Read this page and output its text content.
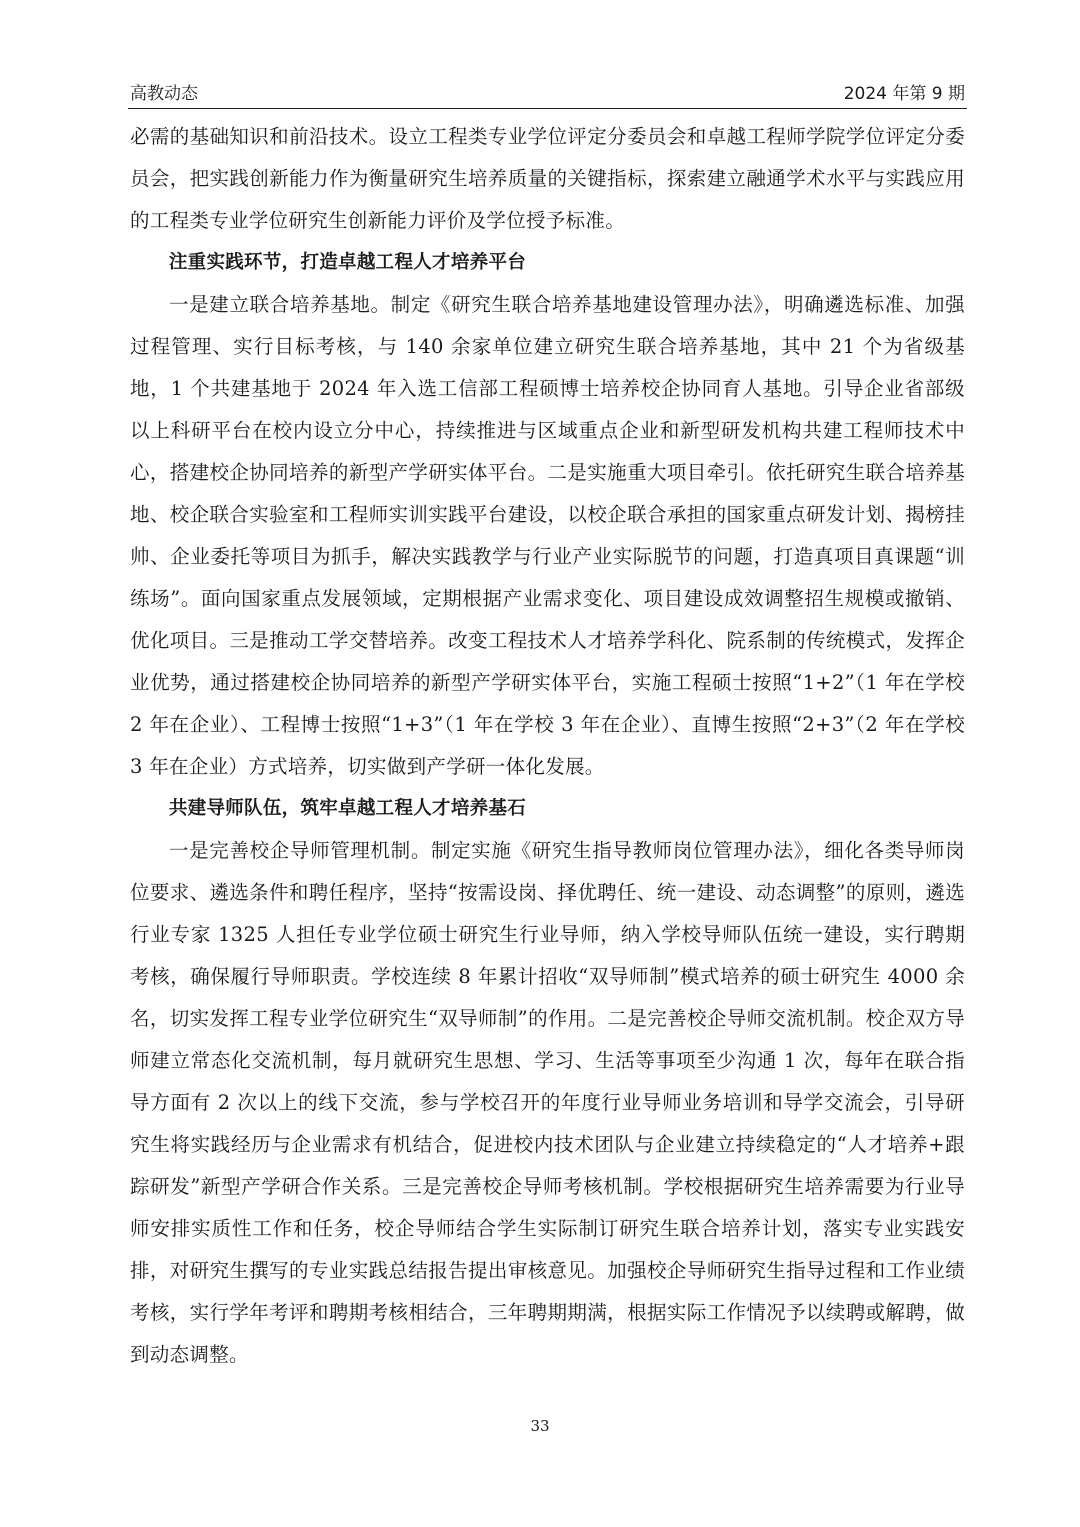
高教动态	2024 年第 9 期

必需的基础知识和前沿技术。设立工程类专业学位评定分委员会和卓越工程师学院学位评定分委员会，把实践创新能力作为衡量研究生培养质量的关键指标，探索建立融通学术水平与实践应用的工程类专业学位研究生创新能力评价及学位授予标准。

注重实践环节，打造卓越工程人才培养平台

一是建立联合培养基地。制定《研究生联合培养基地建设管理办法》，明确遴选标准、加强过程管理、实行目标考核，与 140 余家单位建立研究生联合培养基地，其中 21 个为省级基地，1 个共建基地于 2024 年入选工信部工程硕博士培养校企协同育人基地。引导企业省部级以上科研平台在校内设立分中心，持续推进与区域重点企业和新型研发机构共建工程师技术中心，搭建校企协同培养的新型产学研实体平台。二是实施重大项目牵引。依托研究生联合培养基地、校企联合实验室和工程师实训实践平台建设，以校企联合承担的国家重点研发计划、揭榜挂帅、企业委托等项目为抓手，解决实践教学与行业产业实际脱节的问题，打造真项目真课题“训练场”。面向国家重点发展领域，定期根据产业需求变化、项目建设成效调整招生规模或撤销、优化项目。三是推动工学交替培养。改变工程技术人才培养学科化、院系制的传统模式，发挥企业优势，通过搭建校企协同培养的新型产学研实体平台，实施工程硕士按照“1+2”（1 年在学校 2 年在企业）、工程博士按照“1+3”（1 年在学校 3 年在企业）、直博生按照“2+3”（2 年在学校 3 年在企业）方式培养，切实做到产学研一体化发展。

共建导师队伍，筑牢卓越工程人才培养基石

一是完善校企导师管理机制。制定实施《研究生指导教师岗位管理办法》，细化各类导师岗位要求、遴选条件和聘任程序，坚持“按需设岗、择优聘任、统一建设、动态调整”的原则，遴选行业专家 1325 人担任专业学位硕士研究生行业导师，纳入学校导师队伍统一建设，实行聘期考核，确保履行导师职责。学校连续 8 年累计招收“双导师制”模式培养的硕士研究生 4000 余名，切实发挥工程专业学位研究生“双导师制”的作用。二是完善校企导师交流机制。校企双方导师建立常态化交流机制，每月就研究生思想、学习、生活等事项至少沟通 1 次，每年在联合指导方面有 2 次以上的线下交流，参与学校召开的年度行业导师业务培训和导学交流会，引导研究生将实践经历与企业需求有机结合，促进校内技术团队与企业建立持续稳定的“人才培养+跟踪研发”新型产学研合作关系。三是完善校企导师考核机制。学校根据研究生培养需要为行业导师安排实质性工作和任务，校企导师结合学生实际制订研究生联合培养计划，落实专业实践安排，对研究生撰写的专业实践总结报告提出审核意见。加强校企导师研究生指导过程和工作业绩考核，实行学年考评和聘期考核相结合，三年聘期期满，根据实际工作情况予以续聘或解聘，做到动态调整。

33
